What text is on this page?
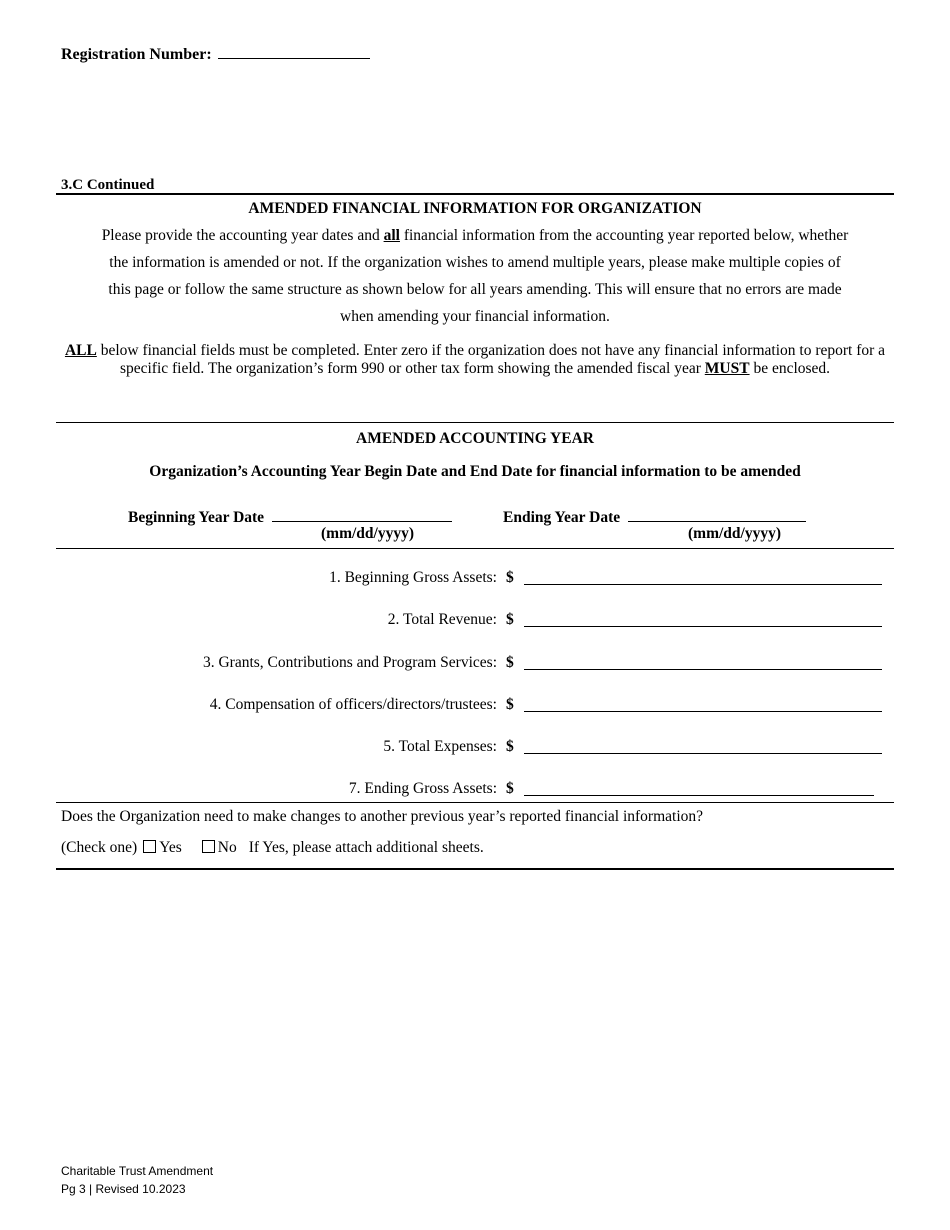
Registration Number:
3.C Continued
AMENDED FINANCIAL INFORMATION FOR ORGANIZATION
Please provide the accounting year dates and all financial information from the accounting year reported below, whether
the information is amended or not. If the organization wishes to amend multiple years, please make multiple copies of
this page or follow the same structure as shown below for all years amending. This will ensure that no errors are made
when amending your financial information.
ALL below financial fields must be completed. Enter zero if the organization does not have any financial information to report for a specific field. The organization’s form 990 or other tax form showing the amended fiscal year MUST be enclosed.
AMENDED ACCOUNTING YEAR
Organization’s Accounting Year Begin Date and End Date for financial information to be amended
Beginning Year Date
(mm/dd/yyyy)
Ending Year Date
(mm/dd/yyyy)
1. Beginning Gross Assets: $
2. Total Revenue: $
3. Grants, Contributions and Program Services: $
4. Compensation of officers/directors/trustees: $
5. Total Expenses: $
7. Ending Gross Assets: $
Does the Organization need to make changes to another previous year’s reported financial information?
(Check one) Yes No If Yes, please attach additional sheets.
Charitable Trust Amendment
Pg 3 | Revised 10.2023
